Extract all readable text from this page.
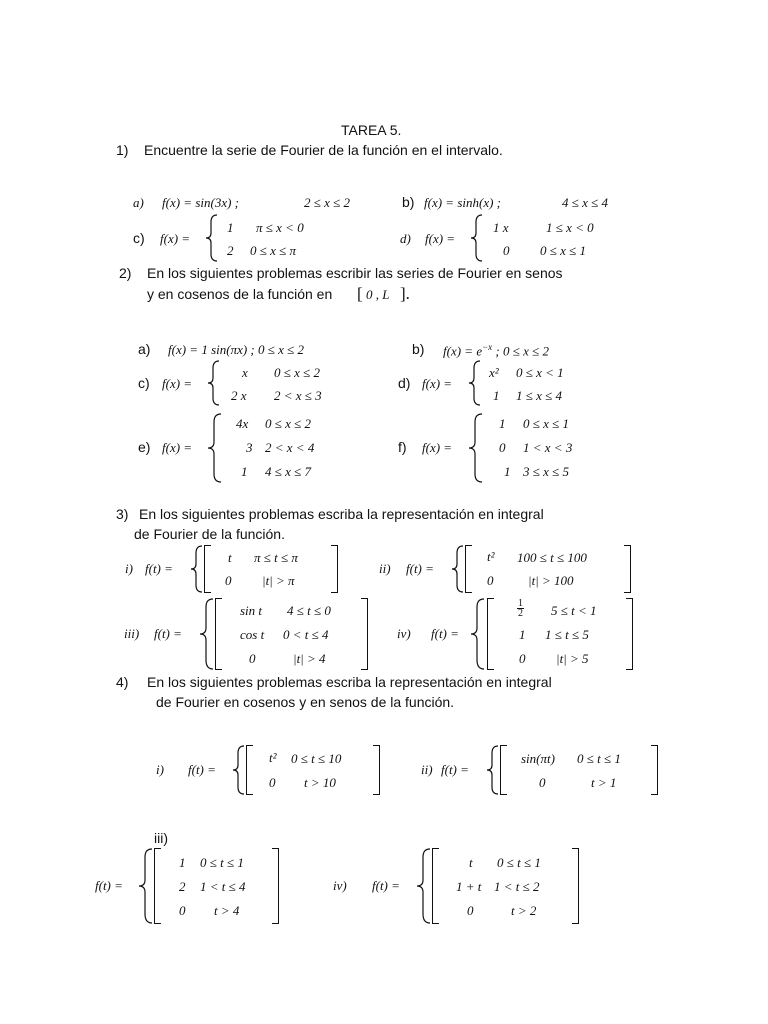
TAREA 5.
1) Encuentre la serie de Fourier de la función en el intervalo.
a) f(x) = sin(3x) ;	2 ≤ x ≤ 2	b) f(x) = sinh(x) ;	4 ≤ x ≤ 4
c) f(x) =
1 π ≤ x < 0
2 0 ≤ x ≤ π
d) f(x) =
1 x	1 ≤ x < 0
0 0 ≤ x ≤ 1
2) En los siguientes problemas escribir las series de Fourier en senos
y en cosenos de la función en [ 0 , L ].
a) f(x) = 1 sin(πx) ; 0 ≤ x ≤ 2	b) $f(x) = e^{-x}$ ; 0 ≤ x ≤ 2
c) f(x) =
x 0 ≤ x ≤ 2
2 x 2 < x ≤ 3
d) f(x) =
x² 0 ≤ x < 1
1 1 ≤ x ≤ 4
e) f(x) =
4x 0 ≤ x ≤ 2
3 2 < x < 4
1 4 ≤ x ≤ 7
f) f(x) =
1 0 ≤ x ≤ 1
0 1 < x < 3
1 3 ≤ x ≤ 5
3) En los siguientes problemas escriba la representación en integral
de Fourier de la función.
i) f(t) =
t π ≤ t ≤ π
0 |t| > π
ii) f(t) =
t² 100 ≤ t ≤ 100
0	|t| > 100
iii) f(t) =
sin t 4 ≤ t ≤ 0
cos t 0 < t ≤ 4
0	|t| > 4
iv) f(t) =
$\frac{1}{2} 5 \le t < 1$
1 1 ≤ t ≤ 5
0 |t| > 5
4) En los siguientes problemas escriba la representación en integral
de Fourier en cosenos y en senos de la función.
i) f(t) =
t² 0 ≤ t ≤ 10
0 t > 10
ii) f(t) =
sin(πt) 0 ≤ t ≤ 1
0	t > 1
iii)
f(t) =
1 0 ≤ t ≤ 1
2 1 < t ≤ 4
0 t > 4
iv) f(t) =
t 0 ≤ t ≤ 1
1 + t 1 < t ≤ 2
0	t > 2
